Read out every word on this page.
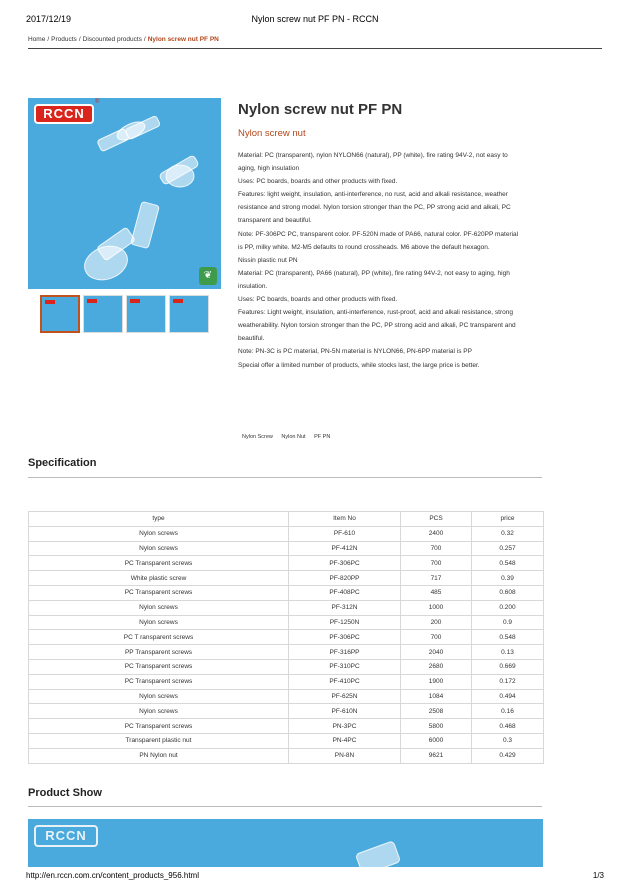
2017/12/19	Nylon screw nut PF PN - RCCN
Home / Products / Discounted products / Nylon screw nut PF PN
RCCN
®
❦
Nylon screw nut PF PN
Nylon screw nut

Material: PC (transparent), nylon NYLON66 (natural), PP (white), fire rating 94V-2, not easy to

aging, high insulation

Uses: PC boards, boards and other products with fixed.

Features: light weight, insulation, anti-interference, no rust, acid and alkali resistance, weather

resistance and strong model. Nylon torsion stronger than the PC, PP strong acid and alkali, PC

transparent and beautiful.

Note: PF-306PC PC, transparent color. PF-520N made of PA66, natural color. PF-620PP material

is PP, milky white. M2-M5 defaults to round crossheads. M6 above the default hexagon.

Nissin plastic nut PN

Material: PC (transparent), PA66 (natural), PP (white), fire rating 94V-2, not easy to aging, high

insulation.

Uses: PC boards, boards and other products with fixed.

Features: Light weight, insulation, anti-interference, rust-proof, acid and alkali resistance, strong

weatherability. Nylon torsion stronger than the PC, PP strong acid and alkali, PC transparent and

beautiful.

Note: PN-3C is PC material, PN-5N material is NYLON66, PN-6PP material is PP

Special offer a limited number of products, while stocks last, the large price is better.

Nylon Screw Nylon Nut PF PN
Specification
type	Item No	PCS	price
Nylon screws	PF-610	2400	0.32
Nylon screws	PF-412N	700	0.257
PC Transparent screws	PF-306PC	700	0.548
White plastic screw	PF-820PP	717	0.39
PC Transparent screws	PF-408PC	485	0.608
Nylon screws	PF-312N	1000	0.200
Nylon screws	PF-1250N	200	0.9
PC T ransparent screws	PF-306PC	700	0.548
PP Transparent screws	PF-316PP	2040	0.13
PC Transparent screws	PF-310PC	2680	0.669
PC Transparent screws	PF-410PC	1900	0.172
Nylon screws	PF-625N	1084	0.494
Nylon screws	PF-610N	2508	0.16
PC Transparent screws	PN-3PC	5800	0.468
Transparent plastic nut	PN-4PC	6000	0.3
PN Nylon nut	PN-8N	9621	0.429
Product Show
RCCN
http://en.rccn.com.cn/content_products_956.html	1/3
